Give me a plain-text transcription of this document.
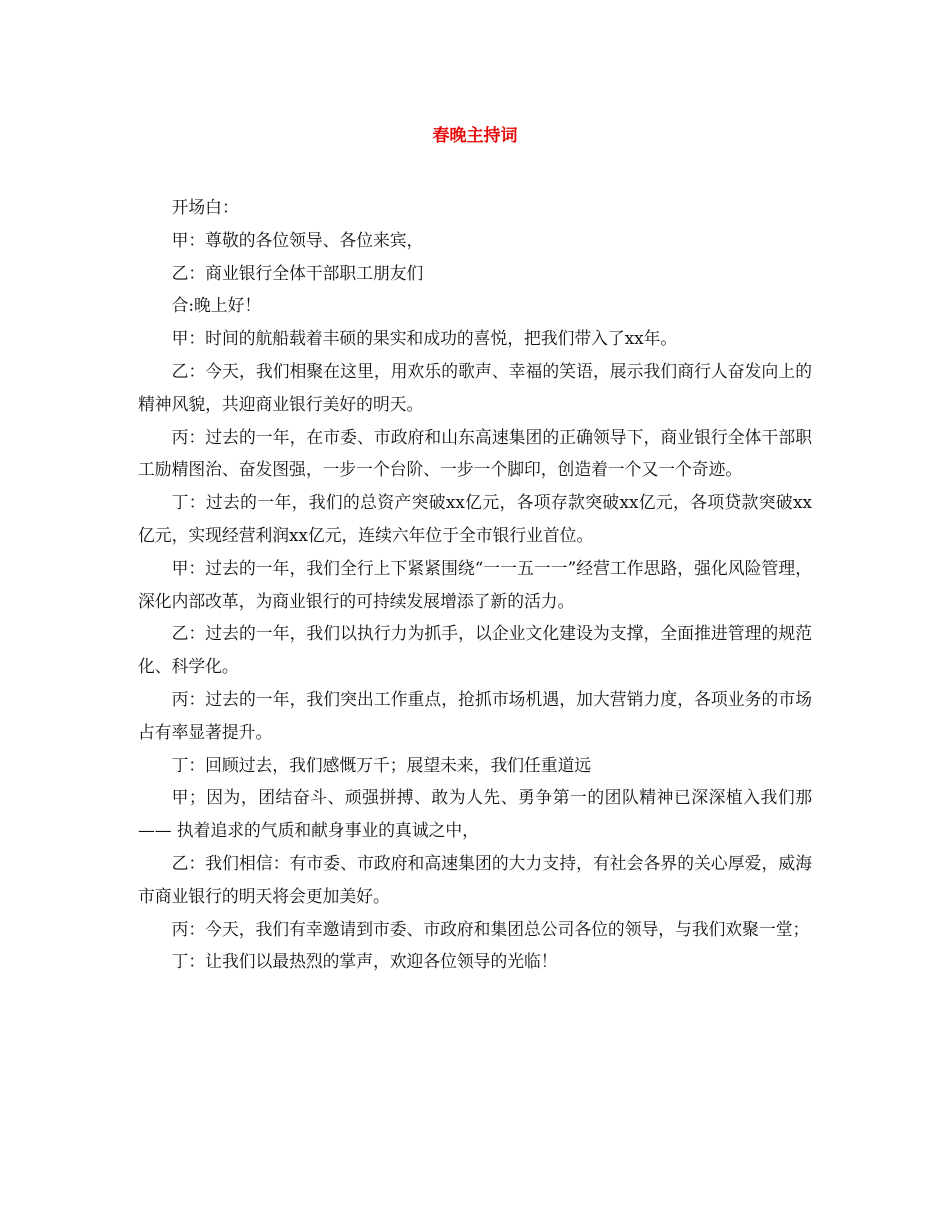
春晚主持词

开场白：

甲：尊敬的各位领导、各位来宾，

乙：商业银行全体干部职工朋友们

合:晚上好！

甲：时间的航船载着丰硕的果实和成功的喜悦，把我们带入了xx年。

乙：今天，我们相聚在这里，用欢乐的歌声、幸福的笑语，展示我们商行人奋发向上的精神风貌，共迎商业银行美好的明天。

丙：过去的一年，在市委、市政府和山东高速集团的正确领导下，商业银行全体干部职工励精图治、奋发图强，一步一个台阶、一步一个脚印，创造着一个又一个奇迹。

丁：过去的一年，我们的总资产突破xx亿元，各项存款突破xx亿元，各项贷款突破xx亿元，实现经营利润xx亿元，连续六年位于全市银行业首位。

甲：过去的一年，我们全行上下紧紧围绕“一一五一一”经营工作思路，强化风险管理，深化内部改革，为商业银行的可持续发展增添了新的活力。

乙：过去的一年，我们以执行力为抓手，以企业文化建设为支撑，全面推进管理的规范化、科学化。

丙：过去的一年，我们突出工作重点，抢抓市场机遇，加大营销力度，各项业务的市场占有率显著提升。

丁：回顾过去，我们感慨万千；展望未来，我们任重道远

甲；因为，团结奋斗、顽强拼搏、敢为人先、勇争第一的团队精神已深深植入我们那—— 执着追求的气质和献身事业的真诚之中，

乙：我们相信：有市委、市政府和高速集团的大力支持，有社会各界的关心厚爱，威海市商业银行的明天将会更加美好。

丙：今天，我们有幸邀请到市委、市政府和集团总公司各位的领导，与我们欢聚一堂；

丁：让我们以最热烈的掌声，欢迎各位领导的光临！
